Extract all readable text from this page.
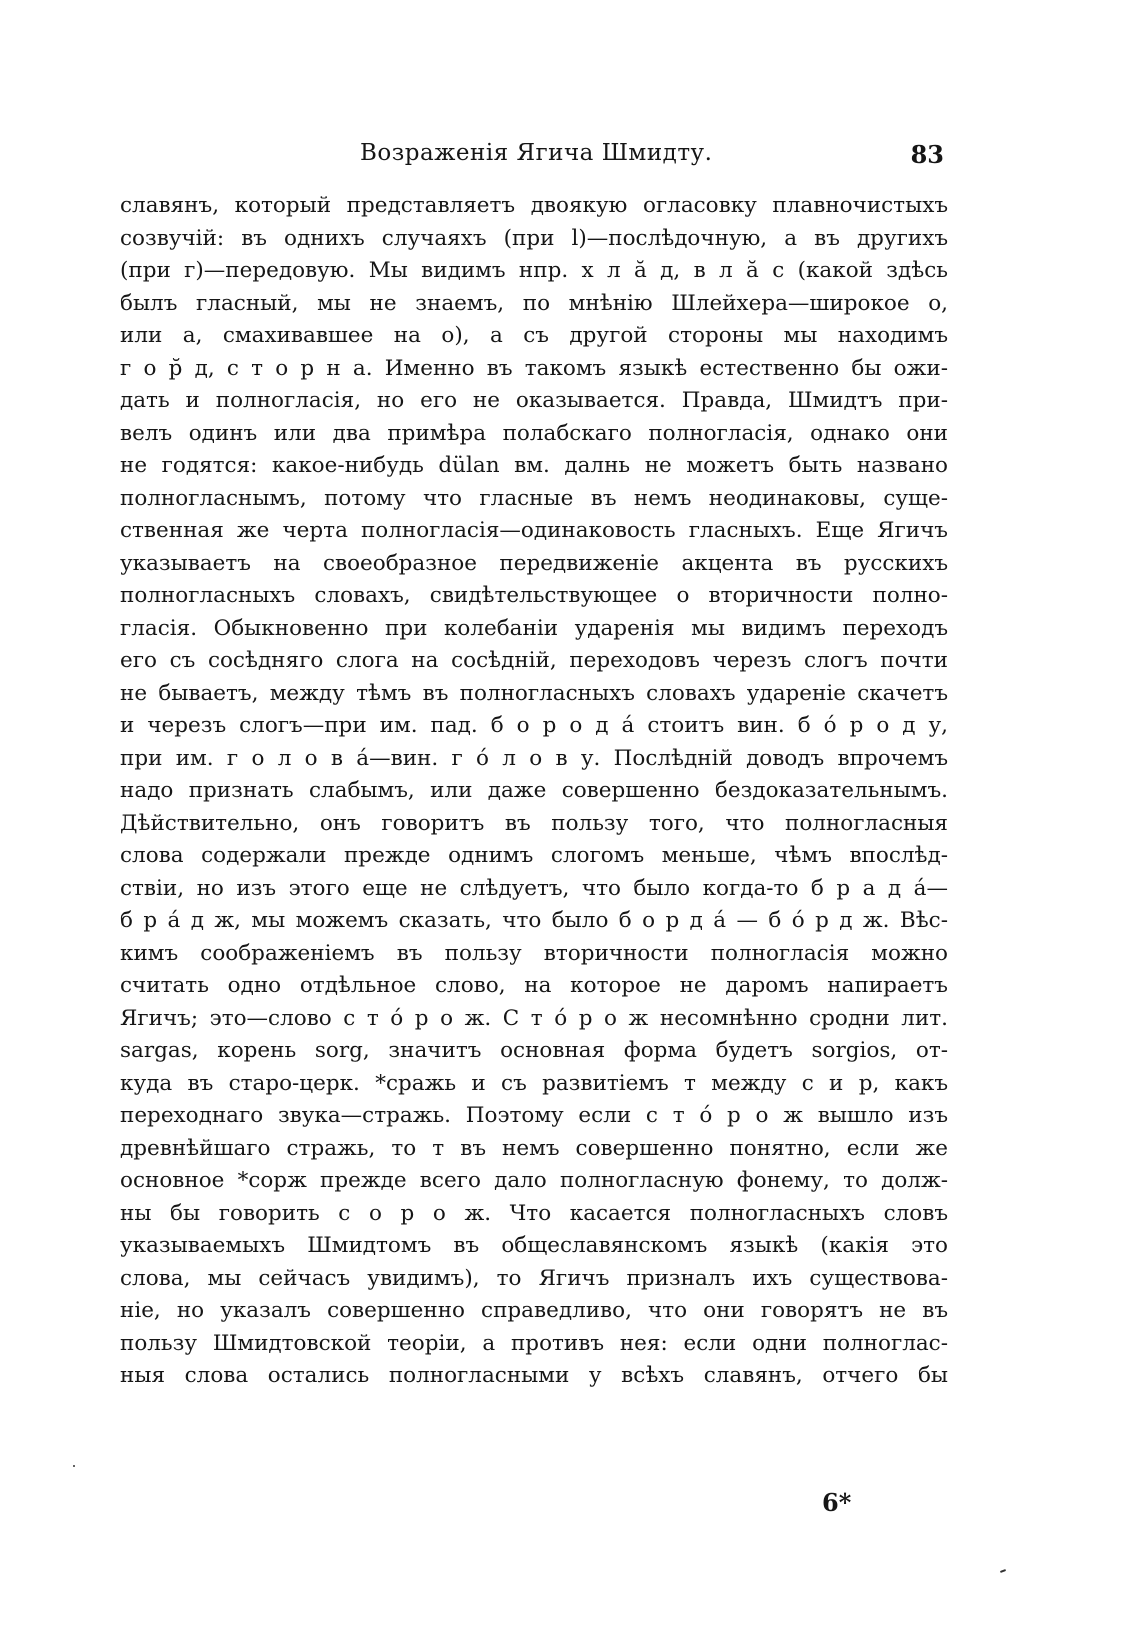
Возраженія Ягича Шмидту.	83
славянъ, который представляетъ двоякую огласовку плавночистыхъ
созвучій: въ однихъ случаяхъ (при l)—послѣдочную, а въ другихъ
(при г)—передовую. Мы видимъ нпр. х л ă д, в л ă с (какой здѣсь
былъ гласный, мы не знаемъ, по мнѣнію Шлейхера—широкое о,
или а, смахивавшее на о), а съ другой стороны мы находимъ
г о р̆ д, с т о р н а. Именно въ такомъ языкѣ естественно бы ожи-
дать и полногласія, но его не оказывается. Правда, Шмидтъ при-
велъ одинъ или два примѣра полабскаго полногласія, однако они
не годятся: какое-нибудь dülan вм. далнь не можетъ быть названо
полногласнымъ, потому что гласные въ немъ неодинаковы, суще-
ственная же черта полногласія—одинаковость гласныхъ. Еще Ягичъ
указываетъ на своеобразное передвиженіе акцента въ русскихъ
полногласныхъ словахъ, свидѣтельствующее о вторичности полно-
гласія. Обыкновенно при колебаніи ударенія мы видимъ переходъ
его съ сосѣдняго слога на сосѣдній, переходовъ черезъ слогъ почти
не бываетъ, между тѣмъ въ полногласныхъ словахъ удареніе скачетъ
и черезъ слогъ—при им. пад. б о р о д á стоитъ вин. б ó р о д у,
при им. г о л о в á—вин. г ó л о в у. Послѣдній доводъ впрочемъ
надо признать слабымъ, или даже совершенно бездоказательнымъ.
Дѣйствительно, онъ говоритъ въ пользу того, что полногласныя
слова содержали прежде однимъ слогомъ меньше, чѣмъ впослѣд-
ствіи, но изъ этого еще не слѣдуетъ, что было когда-то б р а д á—
б р á д ж, мы можемъ сказать, что было б о р д á — б ó р д ж. Вѣс-
кимъ соображеніемъ въ пользу вторичности полногласія можно
считать одно отдѣльное слово, на которое не даромъ напираетъ
Ягичъ; это—слово с т ó р о ж. С т ó р о ж несомнѣнно сродни лит.
sargas, корень sorg, значитъ основная форма будетъ sorgios, от-
куда въ старо-церк. *сражь и съ развитіемъ т между с и р, какъ
переходнаго звука—стражь. Поэтому если с т ó р о ж вышло изъ
древнѣйшаго стражь, то т въ немъ совершенно понятно, если же
основное *сорж прежде всего дало полногласную фонему, то долж-
ны бы говорить с о р о ж. Что касается полногласныхъ словъ
указываемыхъ Шмидтомъ въ общеславянскомъ языкѣ (какія это
слова, мы сейчасъ увидимъ), то Ягичъ призналъ ихъ существова-
ніе, но указалъ совершенно справедливо, что они говорятъ не въ
пользу Шмидтовской теоріи, а противъ нея: если одни полноглас-
ныя слова остались полногласными у всѣхъ славянъ, отчего бы
6*
